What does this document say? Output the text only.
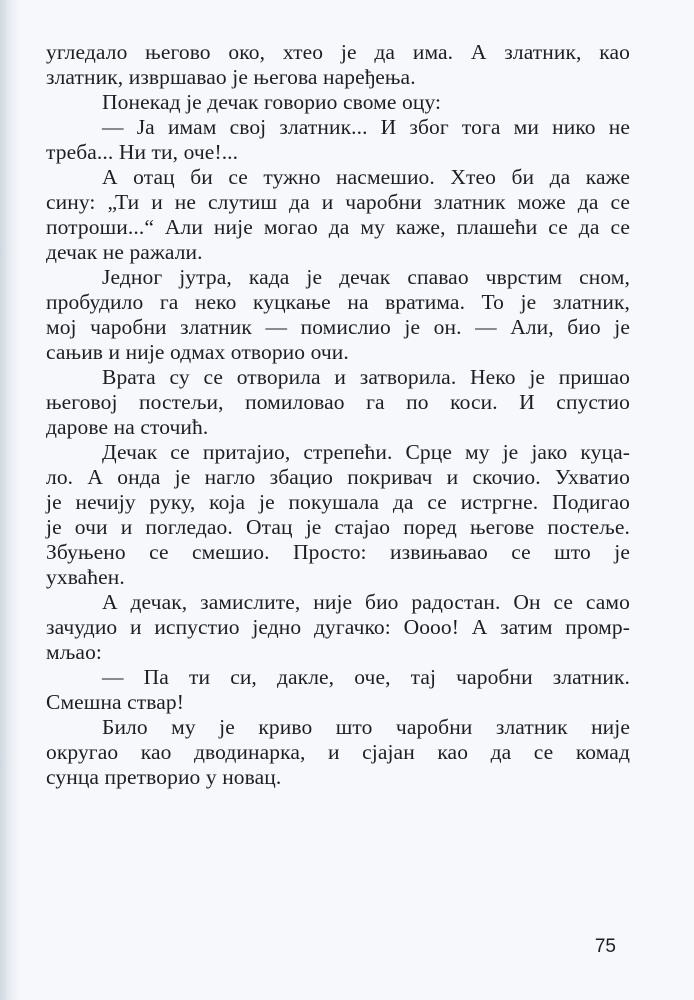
угледало његово око, хтео је да има. А златник, као
златник, извршавао је његова наређења.
Понекад је дечак говорио своме оцу:
— Ја имам свој златник... И због тога ми нико не
треба... Ни ти, оче!...
А отац би се тужно насмешио. Хтео би да каже
сину: „Ти и не слутиш да и чаробни златник може да се
потроши...“ Али није могао да му каже, плашећи се да се
дечак не ражали.
Једног јутра, када је дечак спавао чврстим сном,
пробудило га неко куцкање на вратима. То је златник,
мој чаробни златник — помислио је он. — Али, био је
сањив и није одмах отворио очи.
Врата су се отворила и затворила. Неко је пришао
његовој постељи, помиловао га по коси. И спустио
дарове на сточић.
Дечак се притајио, стрепећи. Срце му је јако куца-
ло. А онда је нагло збацио покривач и скочио. Ухватио
је нечију руку, која је покушала да се истргне. Подигао
је очи и погледао. Отац је стајао поред његове постеље.
Збуњено се смешио. Просто: извињавао се што је
ухваћен.
А дечак, замислите, није био радостан. Он се само
зачудио и испустио једно дугачко: Оооо! А затим промр-
мљао:
— Па ти си, дакле, оче, тај чаробни златник.
Смешна ствар!
Било му је криво што чаробни златник није
округао као дводинарка, и сјајан као да се комад
сунца претворио у новац.
75
